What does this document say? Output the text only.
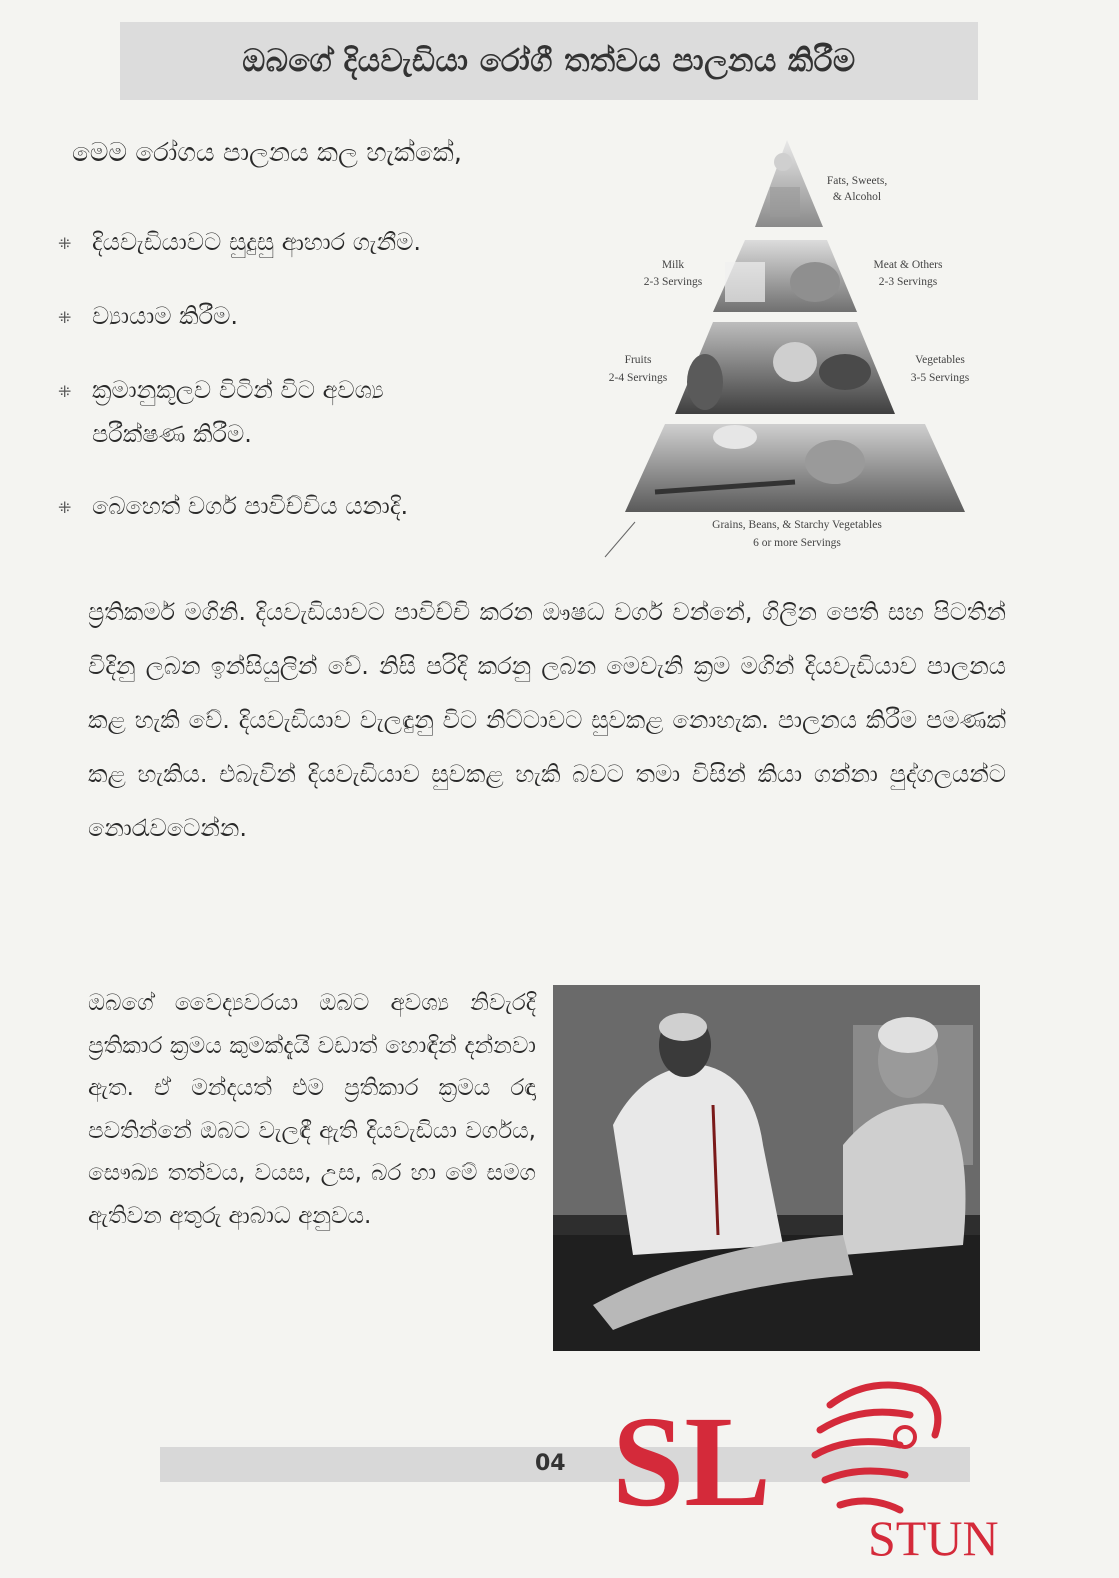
ඔබගේ දියවැඩියා රෝගී තත්වය පාලනය කිරීම
මෙම රෝගය පාලනය කල හැක්කේ,
⁜ දියවැඩියාවට සුදුසු ආහාර ගැනීම.
⁜ ව්‍යායාම කිරීම.
⁜ ක්‍රමානුකූලව විටින් විට අවශ්‍ය
පරීක්ෂණ කිරීම.
⁜ බෙහෙත් වර්ග පාවිච්චිය යනාදි.
Fats, Sweets,
& Alcohol
Milk
2-3 Servings
Meat & Others
2-3 Servings
Fruits
2-4 Servings
Vegetables
3-5 Servings
Grains, Beans, & Starchy Vegetables
6 or more Servings

ප්‍රතිකර්ම මගිනි. දියවැඩියාවට පාවිච්චි කරන ඖෂධ වර්ග වන්නේ, ගිලින පෙති සහ පිටතින් විදිනු ලබන ඉන්සියුලින් වේ. නිසි පරිදි කරනු ලබන මෙවැනි ක්‍රම මගින් දියවැඩියාව පාලනය කළ හැකි වේ. දියවැඩියාව වැලඳුනු විට නිට්ටාවට සුවකළ නොහැක. පාලනය කිරීම පමණක් කළ හැකිය. එබැවින් දියවැඩියාව සුවකළ හැකි බවට තමා විසින් කියා ගන්නා පුද්ගලයන්ට නොරැවටෙන්න.

ඔබගේ වෛද්‍යවරයා ඔබට අවශ්‍ය නිවැරදි ප්‍රතිකාර ක්‍රමය කුමක්දැයි වඩාත් හොඳින් දන්නවා ඇත. ඒ මන්දයත් එම ප්‍රතිකාර ක්‍රමය රඳා පවතින්නේ ඔබට වැලඳී ඇති දියවැඩියා වර්ගය, සෞඛ්‍ය තත්වය, වයස, උස, බර හා මේ සමග ඇතිවන අතුරු ආබාධ අනුවය.

04 SL
STUN
